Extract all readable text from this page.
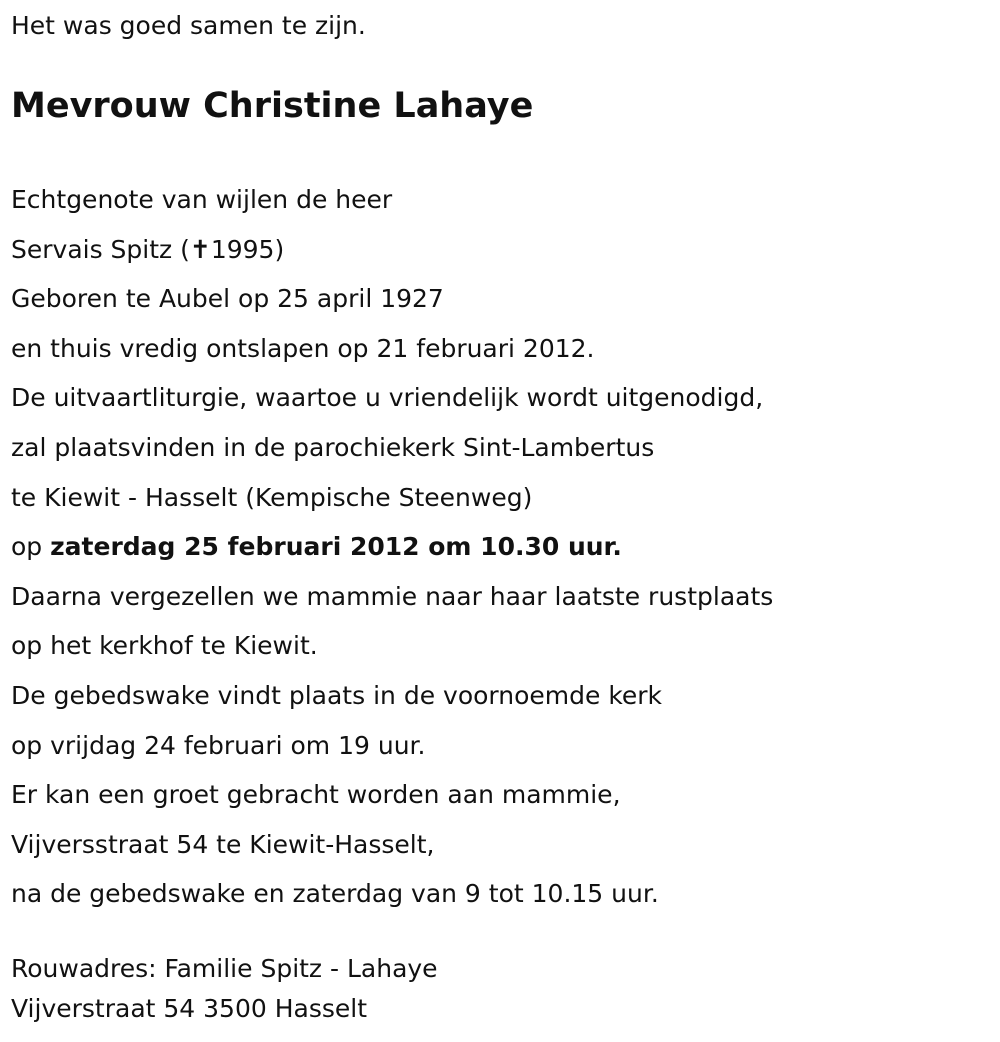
Het was goed samen te zijn.
Mevrouw Christine Lahaye
Echtgenote van wijlen de heer
Servais Spitz (✝1995)
Geboren te Aubel op 25 april 1927
en thuis vredig ontslapen op 21 februari 2012.
De uitvaartliturgie, waartoe u vriendelijk wordt uitgenodigd,
zal plaatsvinden in de parochiekerk Sint-Lambertus
te Kiewit - Hasselt (Kempische Steenweg)
op zaterdag 25 februari 2012 om 10.30 uur.
Daarna vergezellen we mammie naar haar laatste rustplaats
op het kerkhof te Kiewit.
De gebedswake vindt plaats in de voornoemde kerk
op vrijdag 24 februari om 19 uur.
Er kan een groet gebracht worden aan mammie,
Vijversstraat 54 te Kiewit-Hasselt,
na de gebedswake en zaterdag van 9 tot 10.15 uur.
Rouwadres: Familie Spitz - Lahaye
Vijverstraat 54 3500 Hasselt
